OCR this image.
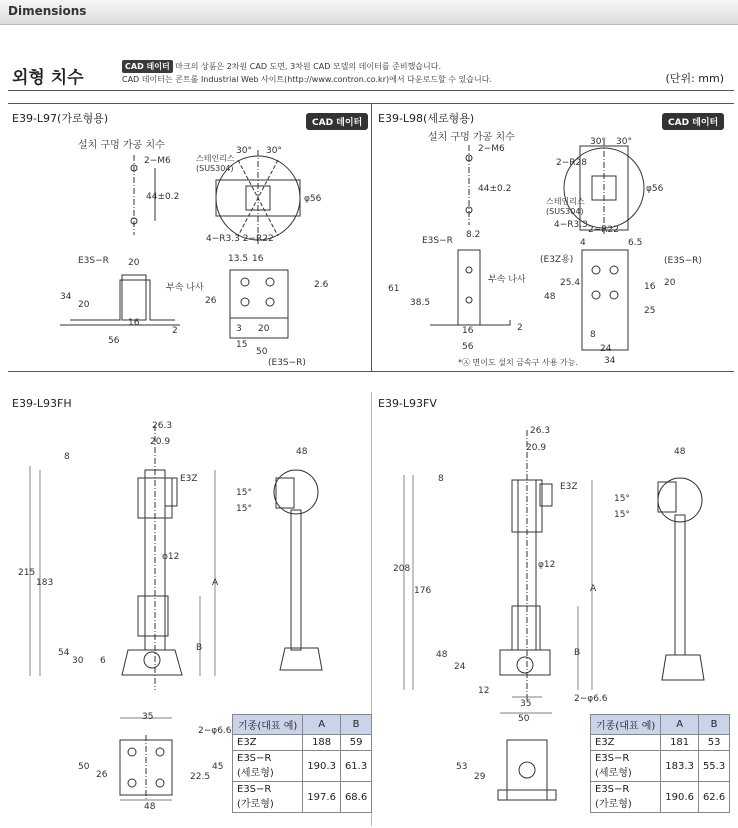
Dimensions
외형 치수
CAD 데이터 마크의 상품은 2차원 CAD 도면, 3차원 CAD 모델의 데이터를 준비했습니다.
CAD 데이터는 콘트롤 Industrial Web 사이트(http://www.contron.co.kr)에서 다운로드할 수 있습니다.	(단위: mm)
E39-L97(가로형용)	CAD 데이터
설치 구멍 가공 치수
E39-L98(세로형용)	CAD 데이터
설치 구멍 가공 치수
E39-L93FH	E39-L93FV
2−M6
44±0.2
스테인리스
(SUS304)
30° 30°
φ56
4−R3.3 2−R22
E3S−R
부속 나사
20
34
20
16
56
2
13.5 16
26
3 20
15
50
(E3S−R)
2.6
2−M6
44±0.2
2−R28
스테인리스
(SUS304)
4−R3.3 2−R22
30° 30°
φ56
E3S−R
부속 나사
61
38.5
16
56
8.2
2
(E3Z용)	(E3S−R)
25.4
48
4	6.5
16 20
25
8
24
34
*Ⓐ 면이도 설치 금속구 사용 가능.
26.3
20.9
E3Z
8
φ12
215
183	A
B
54
30 6
48
15°
15°
35
2−φ6.6
50
26
45
22.5
48
26.3
20.9
E3Z
8
φ12
208
176	A
B
48
24
12
35	2−φ6.6
50
48
15°
15°
53
29
기종(대표 예)	A	B
E3Z	188	59
E3S−R
(세로형)	190.3	61.3
E3S−R
(가로형)	197.6	68.6
기종(대표 예)	A	B
E3Z	181	53
E3S−R
(세로형)	183.3	55.3
E3S−R
(가로형)	190.6	62.6
